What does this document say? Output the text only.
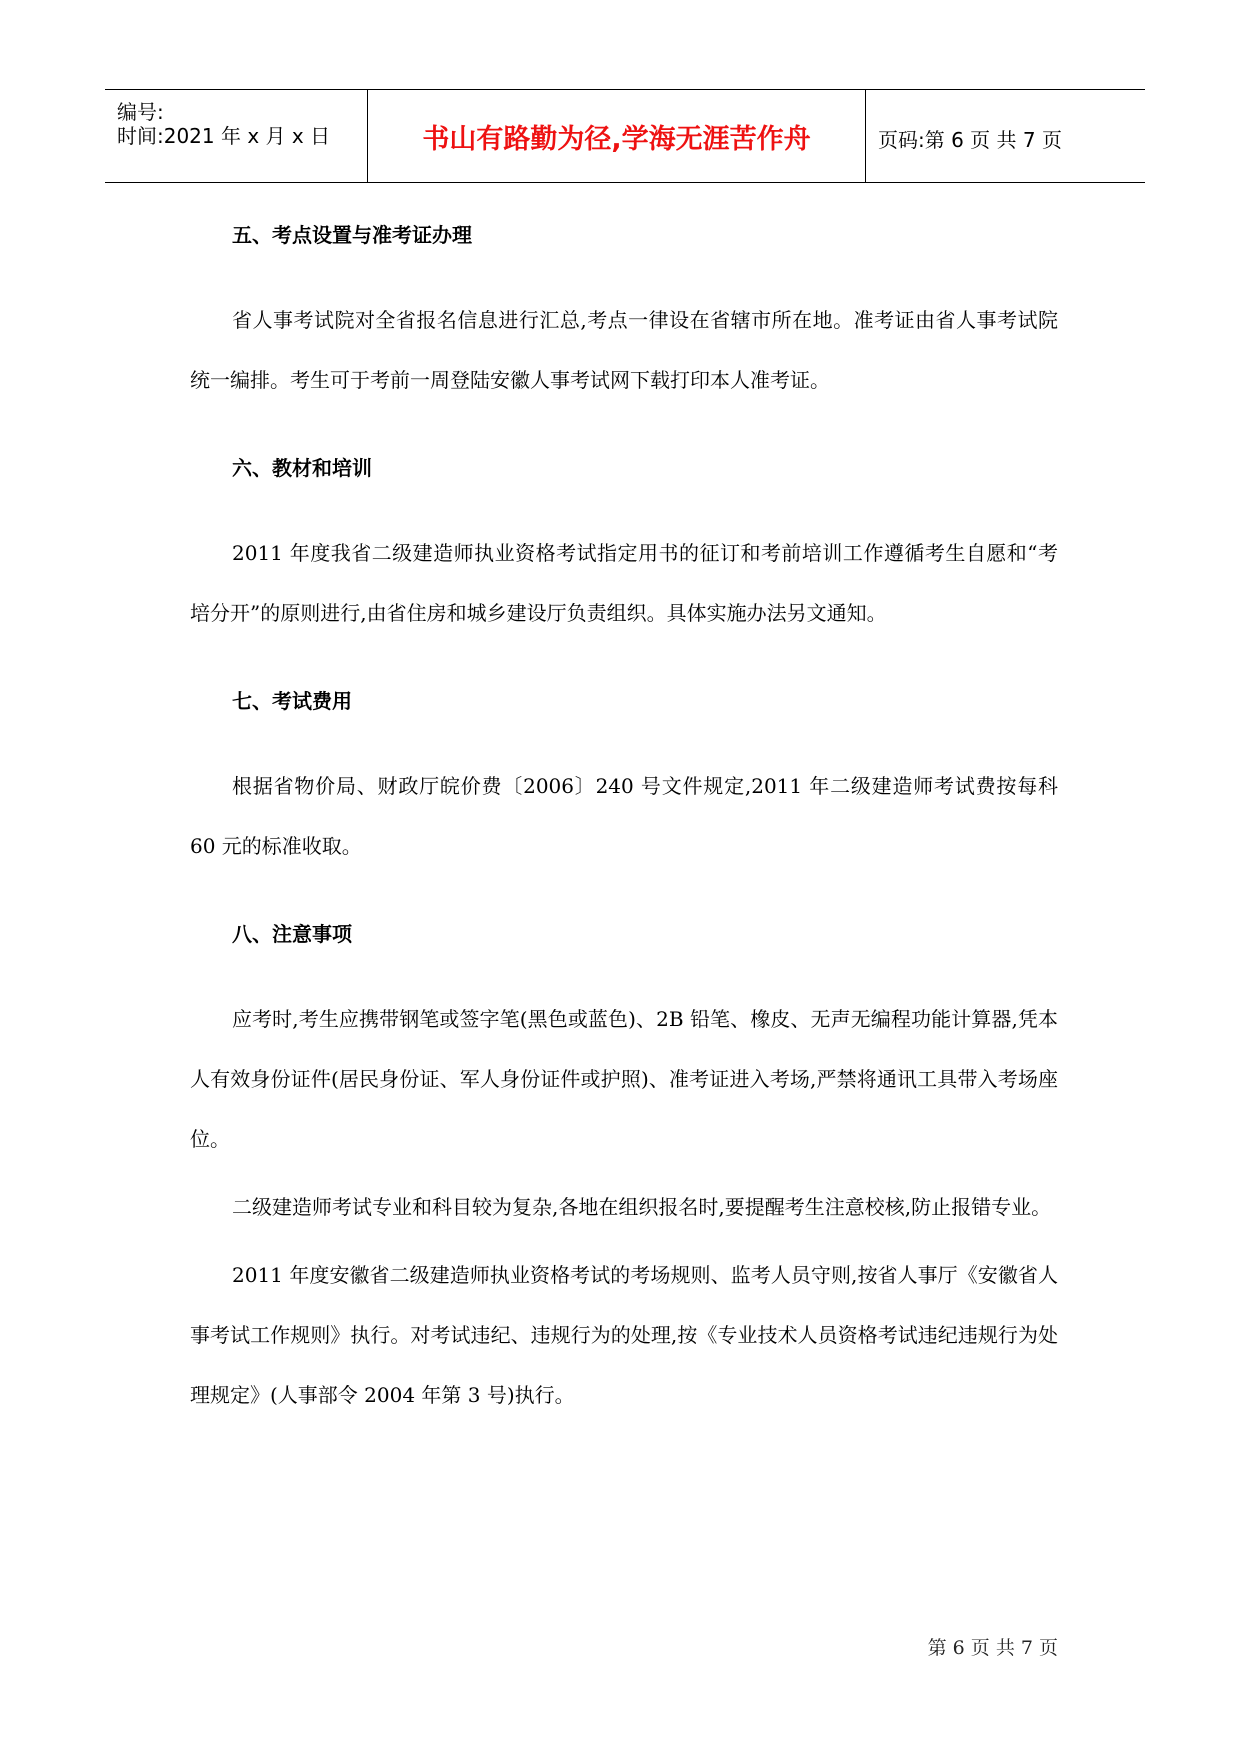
编号:
时间:2021 年 x 月 x 日	书山有路勤为径,学海无涯苦作舟	页码:第 6 页 共 7 页

五、考点设置与准考证办理

省人事考试院对全省报名信息进行汇总,考点一律设在省辖市所在地。准考证由省人事考试院统一编排。考生可于考前一周登陆安徽人事考试网下载打印本人准考证。

六、教材和培训

2011 年度我省二级建造师执业资格考试指定用书的征订和考前培训工作遵循考生自愿和“考培分开”的原则进行,由省住房和城乡建设厅负责组织。具体实施办法另文通知。

七、考试费用

根据省物价局、财政厅皖价费〔2006〕240 号文件规定,2011 年二级建造师考试费按每科 60 元的标准收取。

八、注意事项

应考时,考生应携带钢笔或签字笔(黑色或蓝色)、2B 铅笔、橡皮、无声无编程功能计算器,凭本人有效身份证件(居民身份证、军人身份证件或护照)、准考证进入考场,严禁将通讯工具带入考场座位。

二级建造师考试专业和科目较为复杂,各地在组织报名时,要提醒考生注意校核,防止报错专业。

2011 年度安徽省二级建造师执业资格考试的考场规则、监考人员守则,按省人事厅《安徽省人事考试工作规则》执行。对考试违纪、违规行为的处理,按《专业技术人员资格考试违纪违规行为处理规定》(人事部令 2004 年第 3 号)执行。

第 6 页 共 7 页
